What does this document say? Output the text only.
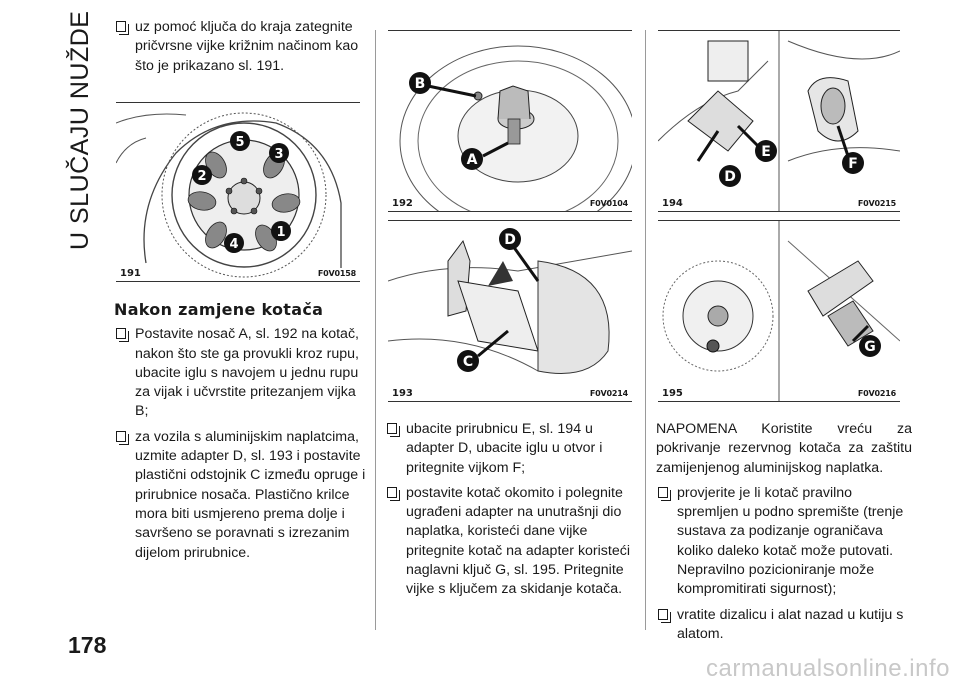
U SLUČAJU NUŽDE
178
carmanualsonline.info

uz pomoć ključa do kraja zategnite pričvrsne vijke križnim načinom kao što je prikazano sl. 191.

5
3
2
1
4
191	F0V0158

Nakon zamjene kotača

Postavite nosač A, sl. 192 na kotač, nakon što ste ga provukli kroz rupu, ubacite iglu s navojem u jednu rupu za vijak i učvrstite pritezanjem vijka B;

za vozila s aluminijskim naplatcima, uzmite adapter D, sl. 193 i postavite plastični odstojnik C između opruge i prirubnice nosača. Plastično krilce mora biti usmjereno prema dolje i savršeno se poravnati s izrezanim dijelom prirubnice.

B
A
192	F0V0104
D
C
193	F0V0214

ubacite prirubnicu E, sl. 194 u adapter D, ubacite iglu u otvor i pritegnite vijkom F;

postavite kotač okomito i polegnite ugrađeni adapter na unutrašnji dio naplatka, koristeći dane vijke pritegnite kotač na adapter koristeći naglavni ključ G, sl. 195. Pritegnite vijke s ključem za skidanje kotača.

D
E
F
194	F0V0215
G
195	F0V0216

NAPOMENA Koristite vreću za pokrivanje rezervnog kotača za zaštitu zamijenjenog aluminijskog naplatka.

provjerite je li kotač pravilno spremljen u podno spremište (trenje sustava za podizanje ograničava koliko daleko kotač može putovati. Nepravilno pozicioniranje može kompromitirati sigurnost);

vratite dizalicu i alat nazad u kutiju s alatom.
